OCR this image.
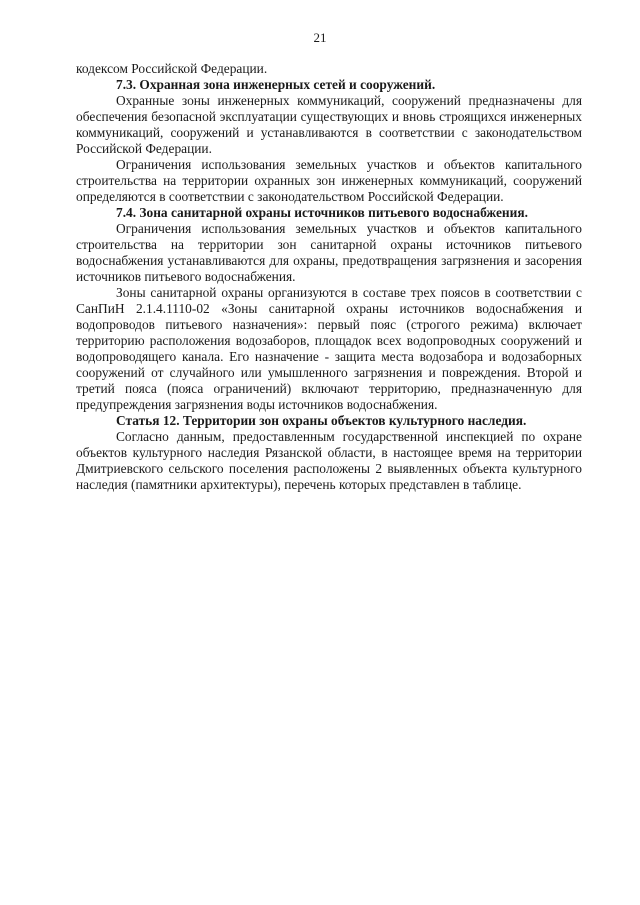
21

кодексом Российской Федерации.

7.3. Охранная зона инженерных сетей и сооружений.

Охранные зоны инженерных коммуникаций, сооружений предназначены для обеспечения безопасной эксплуатации существующих и вновь строящихся инженерных коммуникаций, сооружений и устанавливаются в соответствии с законодательством Российской Федерации.

Ограничения использования земельных участков и объектов капитального строительства на территории охранных зон инженерных коммуникаций, сооружений определяются в соответствии с законодательством Российской Федерации.

7.4. Зона санитарной охраны источников питьевого водоснабжения.

Ограничения использования земельных участков и объектов капитального строительства на территории зон санитарной охраны источников питьевого водоснабжения устанавливаются для охраны, предотвращения загрязнения и засорения источников питьевого водоснабжения.

Зоны санитарной охраны организуются в составе трех поясов в соответствии с СанПиН 2.1.4.1110-02 «Зоны санитарной охраны источников водоснабжения и водопроводов питьевого назначения»: первый пояс (строгого режима) включает территорию расположения водозаборов, площадок всех водопроводных сооружений и водопроводящего канала. Его назначение - защита места водозабора и водозаборных сооружений от случайного или умышленного загрязнения и повреждения. Второй и третий пояса (пояса ограничений) включают территорию, предназначенную для предупреждения загрязнения воды источников водоснабжения.

Статья 12. Территории зон охраны объектов культурного наследия.

Согласно данным, предоставленным государственной инспекцией по охране объектов культурного наследия Рязанской области, в настоящее время на территории Дмитриевского сельского поселения расположены 2 выявленных объекта культурного наследия (памятники архитектуры), перечень которых представлен в таблице.
